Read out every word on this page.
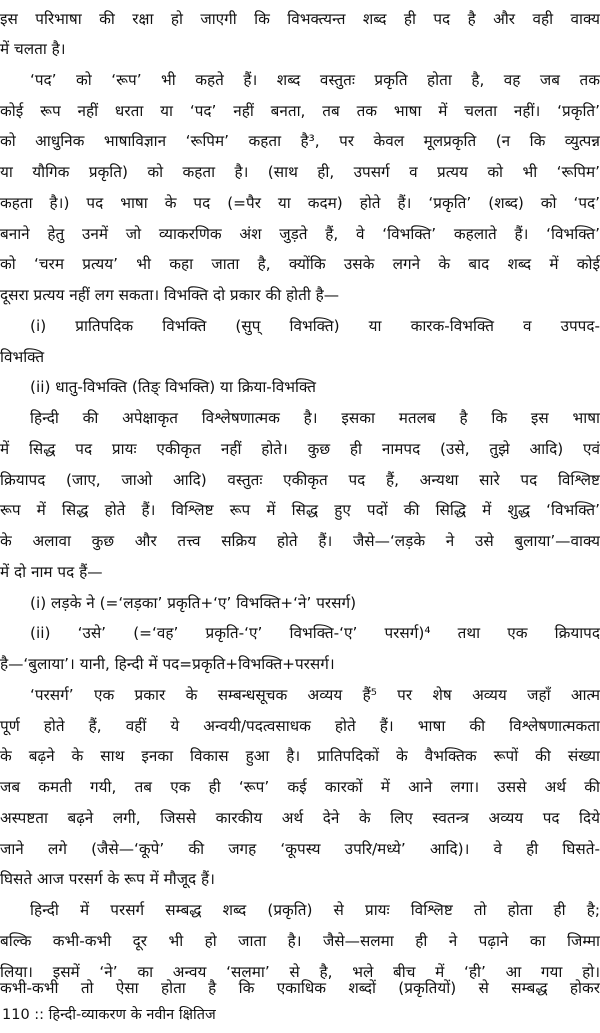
इस परिभाषा की रक्षा हो जाएगी कि विभक्त्यन्त शब्द ही पद है और वही वाक्य
में चलता है।
‘पद’ को ‘रूप’ भी कहते हैं। शब्द वस्तुतः प्रकृति होता है, वह जब तक
कोई रूप नहीं धरता या ‘पद’ नहीं बनता, तब तक भाषा में चलता नहीं। ‘प्रकृति’
को आधुनिक भाषाविज्ञान ‘रूपिम’ कहता है³, पर केवल मूलप्रकृति (न कि व्युत्पन्न
या यौगिक प्रकृति) को कहता है। (साथ ही, उपसर्ग व प्रत्यय को भी ‘रूपिम’
कहता है।) पद भाषा के पद (=पैर या कदम) होते हैं। ‘प्रकृति’ (शब्द) को ‘पद’
बनाने हेतु उनमें जो व्याकरणिक अंश जुड़ते हैं, वे ‘विभक्ति’ कहलाते हैं। ‘विभक्ति’
को ‘चरम प्रत्यय’ भी कहा जाता है, क्योंकि उसके लगने के बाद शब्द में कोई
दूसरा प्रत्यय नहीं लग सकता। विभक्ति दो प्रकार की होती है—
(i) प्रातिपदिक विभक्ति (सुप् विभक्ति) या कारक-विभक्ति व उपपद-
विभक्ति
(ii) धातु-विभक्ति (तिङ् विभक्ति) या क्रिया-विभक्ति
हिन्दी की अपेक्षाकृत विश्लेषणात्मक है। इसका मतलब है कि इस भाषा
में सिद्ध पद प्रायः एकीकृत नहीं होते। कुछ ही नामपद (उसे, तुझे आदि) एवं
क्रियापद (जाए, जाओ आदि) वस्तुतः एकीकृत पद हैं, अन्यथा सारे पद विश्लिष्ट
रूप में सिद्ध होते हैं। विश्लिष्ट रूप में सिद्ध हुए पदों की सिद्धि में शुद्ध ‘विभक्ति’
के अलावा कुछ और तत्त्व सक्रिय होते हैं। जैसे—‘लड़के ने उसे बुलाया’—वाक्य
में दो नाम पद हैं—
(i) लड़के ने (=‘लड़का’ प्रकृति+‘ए’ विभक्ति+‘ने’ परसर्ग)
(ii) ‘उसे’ (=‘वह’ प्रकृति-‘ए’ विभक्ति-‘ए’ परसर्ग)⁴ तथा एक क्रियापद
है—‘बुलाया’। यानी, हिन्दी में पद=प्रकृति+विभक्ति+परसर्ग।
‘परसर्ग’ एक प्रकार के सम्बन्धसूचक अव्यय हैं⁵ पर शेष अव्यय जहाँ आत्म
पूर्ण होते हैं, वहीं ये अन्वयी/पदत्वसाधक होते हैं। भाषा की विश्लेषणात्मकता
के बढ़ने के साथ इनका विकास हुआ है। प्रातिपदिकों के वैभक्तिक रूपों की संख्या
जब कमती गयी, तब एक ही ‘रूप’ कई कारकों में आने लगा। उससे अर्थ की
अस्पष्टता बढ़ने लगी, जिससे कारकीय अर्थ देने के लिए स्वतन्त्र अव्यय पद दिये
जाने लगे (जैसे—‘कूपे’ की जगह ‘कूपस्य उपरि/मध्ये’ आदि)। वे ही घिसते-
घिसते आज परसर्ग के रूप में मौजूद हैं।
हिन्दी में परसर्ग सम्बद्ध शब्द (प्रकृति) से प्रायः विश्लिष्ट तो होता ही है;
बल्कि कभी-कभी दूर भी हो जाता है। जैसे—सलमा ही ने पढ़ाने का जिम्मा
लिया। इसमें ‘ने’ का अन्वय ‘सलमा’ से है, भले बीच में ‘ही’ आ गया हो।
कभी-कभी तो ऐसा होता है कि एकाधिक शब्दों (प्रकृतियों) से सम्बद्ध होकर
110 :: हिन्दी-व्याकरण के नवीन क्षितिज
